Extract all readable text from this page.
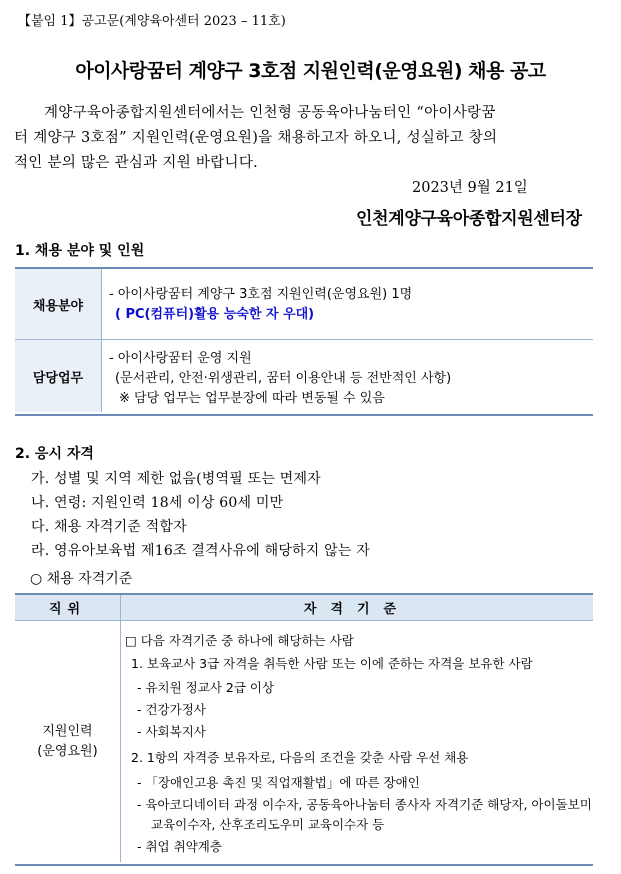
【붙임 1】공고문(계양육아센터 2023 – 11호)
아이사랑꿈터 계양구 3호점 지원인력(운영요원) 채용 공고
계양구육아종합지원센터에서는 인천형 공동육아나눔터인 “아이사랑꿈
터 계양구 3호점” 지원인력(운영요원)을 채용하고자 하오니, 성실하고 창의
적인 분의 많은 관심과 지원 바랍니다.
2023년 9월 21일
인천계양구육아종합지원센터장
1. 채용 분야 및 인원
채용분야
- 아이사랑꿈터 계양구 3호점 지원인력(운영요원) 1명
( PC(컴퓨터)활용 능숙한 자 우대)
담당업무
- 아이사랑꿈터 운영 지원
(문서관리, 안전·위생관리, 꿈터 이용안내 등 전반적인 사항)
※ 담당 업무는 업무분장에 따라 변동될 수 있음
2. 응시 자격
가. 성별 및 지역 제한 없음(병역필 또는 면제자
나. 연령: 지원인력 18세 이상 60세 미만
다. 채용 자격기준 적합자
라. 영유아보육법 제16조 결격사유에 해당하지 않는 자
○ 채용 자격기준
직위	자격기준
지원인력
(운영요원)
□ 다음 자격기준 중 하나에 해당하는 사람
1. 보육교사 3급 자격을 취득한 사람 또는 이에 준하는 자격을 보유한 사람
- 유치원 정교사 2급 이상
- 건강가정사
- 사회복지사
2. 1항의 자격증 보유자로, 다음의 조건을 갖춘 사람 우선 채용
- 「장애인고용 촉진 및 직업재활법」에 따른 장애인
- 육아코디네이터 과정 이수자, 공동육아나눔터 종사자 자격기준 해당자, 아이돌보미
교육이수자, 산후조리도우미 교육이수자 등
- 취업 취약계층
